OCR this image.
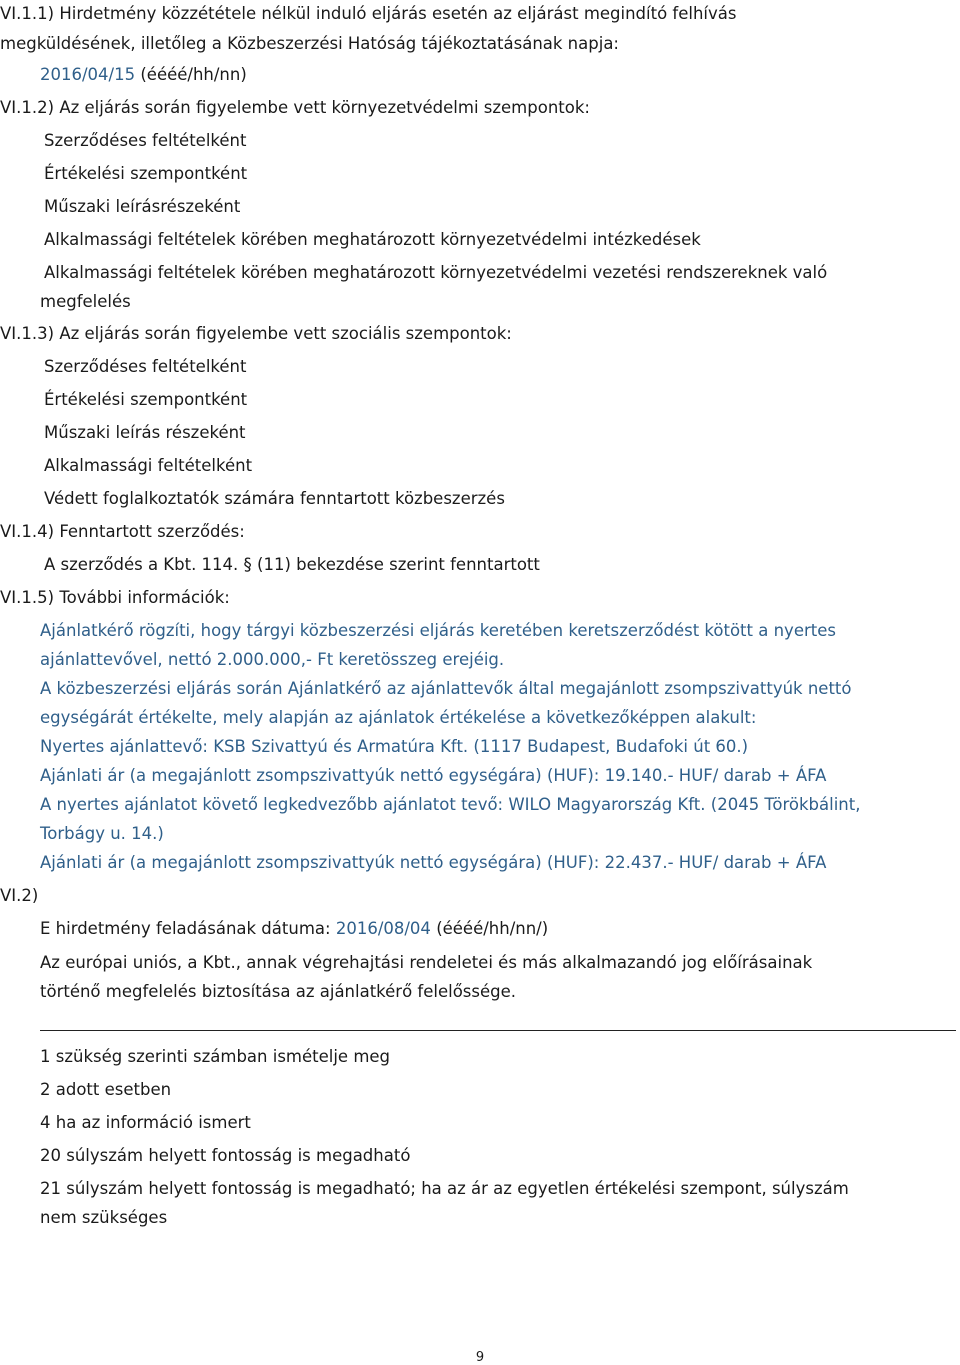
VI.1.1) Hirdetmény közzététele nélkül induló eljárás esetén az eljárást megindító felhívás
megküldésének, illetőleg a Közbeszerzési Hatóság tájékoztatásának napja:
2016/04/15 (éééé/hh/nn)
VI.1.2) Az eljárás során figyelembe vett környezetvédelmi szempontok:
Szerződéses feltételként
Értékelési szempontként
Műszaki leírásrészeként
Alkalmassági feltételek körében meghatározott környezetvédelmi intézkedések
Alkalmassági feltételek körében meghatározott környezetvédelmi vezetési rendszereknek való
megfelelés
VI.1.3) Az eljárás során figyelembe vett szociális szempontok:
Szerződéses feltételként
Értékelési szempontként
Műszaki leírás részeként
Alkalmassági feltételként
Védett foglalkoztatók számára fenntartott közbeszerzés
VI.1.4) Fenntartott szerződés:
A szerződés a Kbt. 114. § (11) bekezdése szerint fenntartott
VI.1.5) További információk:
Ajánlatkérő rögzíti, hogy tárgyi közbeszerzési eljárás keretében keretszerződést kötött a nyertes
ajánlattevővel, nettó 2.000.000,- Ft keretösszeg erejéig.
A közbeszerzési eljárás során Ajánlatkérő az ajánlattevők által megajánlott zsompszivattyúk nettó
egységárát értékelte, mely alapján az ajánlatok értékelése a következőképpen alakult:
Nyertes ajánlattevő: KSB Szivattyú és Armatúra Kft. (1117 Budapest, Budafoki út 60.)
Ajánlati ár (a megajánlott zsompszivattyúk nettó egységára) (HUF): 19.140.- HUF/ darab + ÁFA
A nyertes ajánlatot követő legkedvezőbb ajánlatot tevő: WILO Magyarország Kft. (2045 Törökbálint,
Torbágy u. 14.)
Ajánlati ár (a megajánlott zsompszivattyúk nettó egységára) (HUF): 22.437.- HUF/ darab + ÁFA
VI.2)
E hirdetmény feladásának dátuma: 2016/08/04 (éééé/hh/nn/)
Az európai uniós, a Kbt., annak végrehajtási rendeletei és más alkalmazandó jog előírásainak
történő megfelelés biztosítása az ajánlatkérő felelőssége.
1 szükség szerinti számban ismételje meg
2 adott esetben
4 ha az információ ismert
20 súlyszám helyett fontosság is megadható
21 súlyszám helyett fontosság is megadható; ha az ár az egyetlen értékelési szempont, súlyszám
nem szükséges
9
